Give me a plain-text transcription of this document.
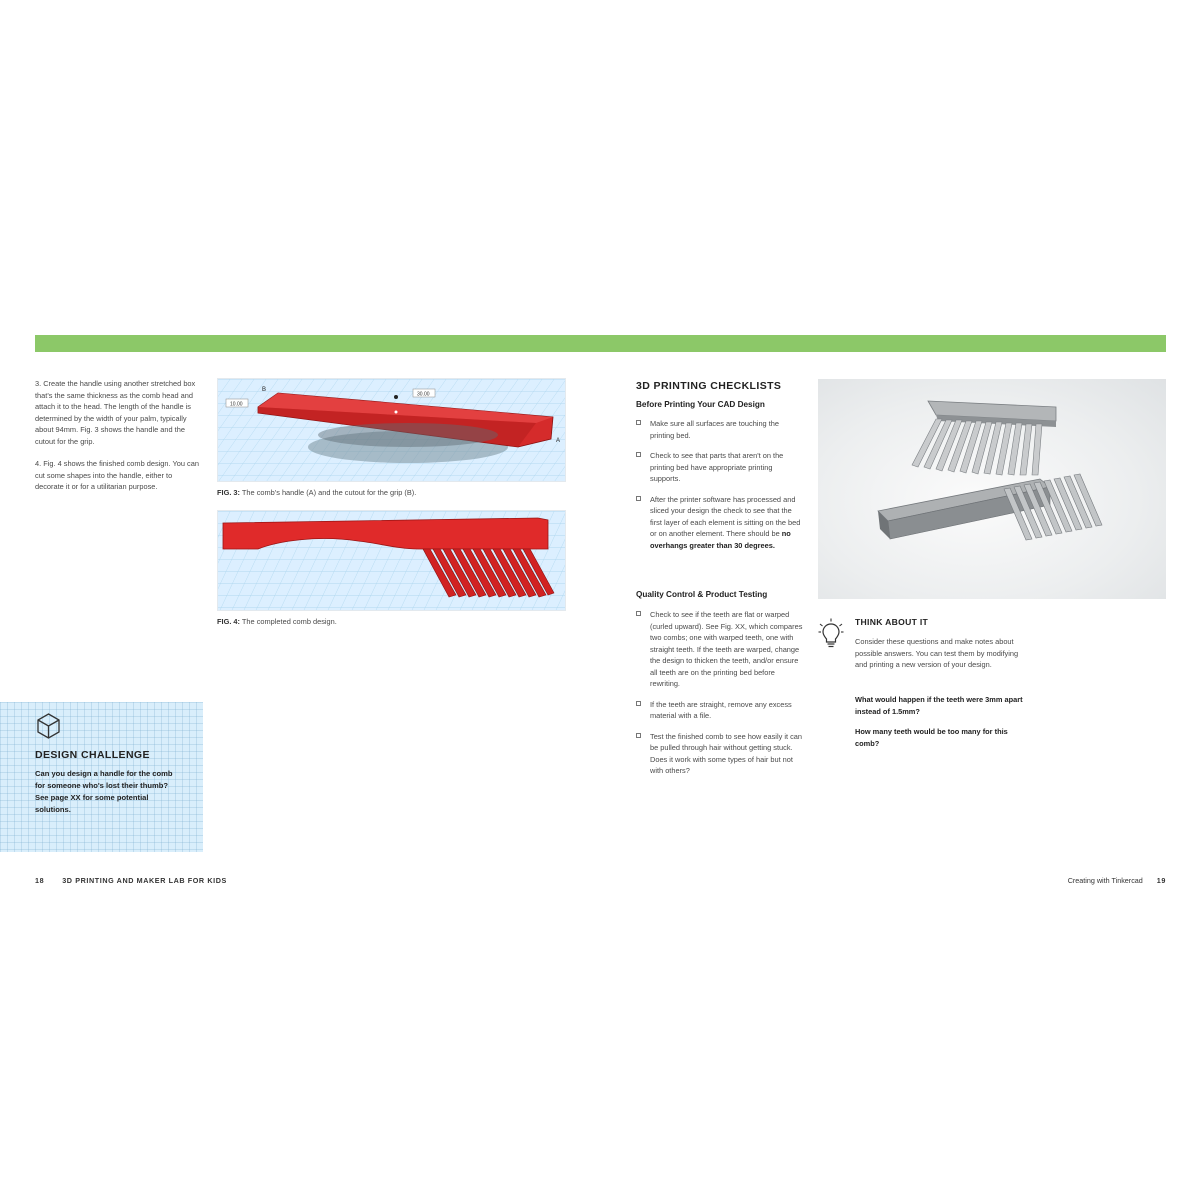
3. Create the handle using another stretched box that's the same thickness as the comb head and attach it to the head. The length of the handle is determined by the width of your palm, typically about 94mm. Fig. 3 shows the handle and the cutout for the grip.

4. Fig. 4 shows the finished comb design. You can cut some shapes into the handle, either to decorate it or for a utilitarian purpose.

10.00
30.00
A
B
FIG. 3: The comb's handle (A) and the cutout for the grip (B).
FIG. 4: The completed comb design.
DESIGN CHALLENGE
Can you design a handle for the comb for someone who's lost their thumb? See page XX for some potential solutions.
18	3D PRINTING AND MAKER LAB FOR KIDS
3D PRINTING CHECKLISTS
Before Printing Your CAD Design
Make sure all surfaces are touching the printing bed.
Check to see that parts that aren't on the printing bed have appropriate printing supports.
After the printer software has processed and sliced your design the check to see that the first layer of each element is sitting on the bed or on another element. There should be no overhangs greater than 30 degrees.
Quality Control & Product Testing
Check to see if the teeth are flat or warped (curled upward). See Fig. XX, which compares two combs; one with warped teeth, one with straight teeth. If the teeth are warped, change the design to thicken the teeth, and/or ensure all teeth are on the printing bed before rewriting.
If the teeth are straight, remove any excess material with a file.
Test the finished comb to see how easily it can be pulled through hair without getting stuck. Does it work with some types of hair but not with others?
THINK ABOUT IT
Consider these questions and make notes about possible answers. You can test them by modifying and printing a new version of your design.

What would happen if the teeth were 3mm apart instead of 1.5mm?

How many teeth would be too many for this comb?

Creating with Tinkercad 19
